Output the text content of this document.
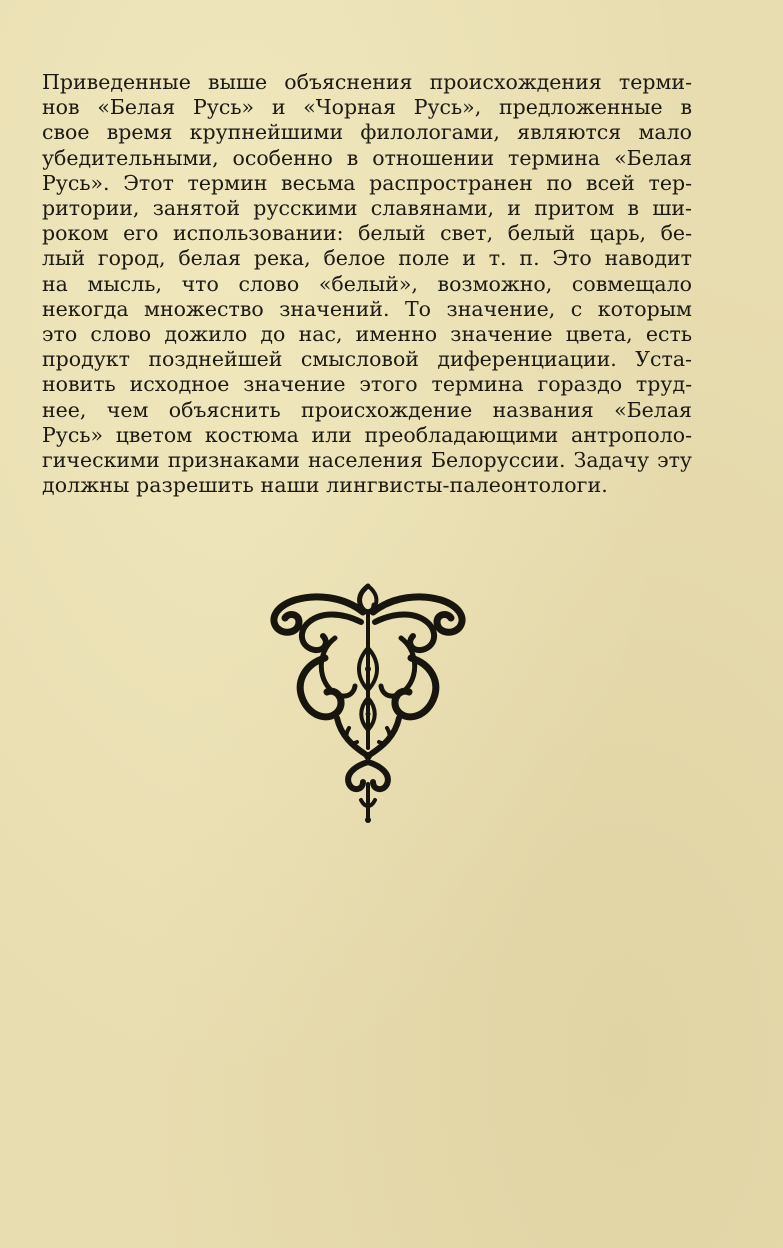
Приведенные выше объяснения происхождения терми-
нов «Белая Русь» и «Чорная Русь», предложенные в
свое время крупнейшими филологами, являются мало
убедительными, особенно в отношении термина «Белая
Русь». Этот термин весьма распространен по всей тер-
ритории, занятой русскими славянами, и притом в ши-
роком его использовании: белый свет, белый царь, бе-
лый город, белая река, белое поле и т. п. Это наводит
на мысль, что слово «белый», возможно, совмещало
некогда множество значений. То значение, с которым
это слово дожило до нас, именно значение цвета, есть
продукт позднейшей смысловой диференциации. Уста-
новить исходное значение этого термина гораздо труд-
нее, чем объяснить происхождение названия «Белая
Русь» цветом костюма или преобладающими антрополо-
гическими признаками населения Белоруссии. Задачу эту
должны разрешить наши лингвисты-палеонтологи.
